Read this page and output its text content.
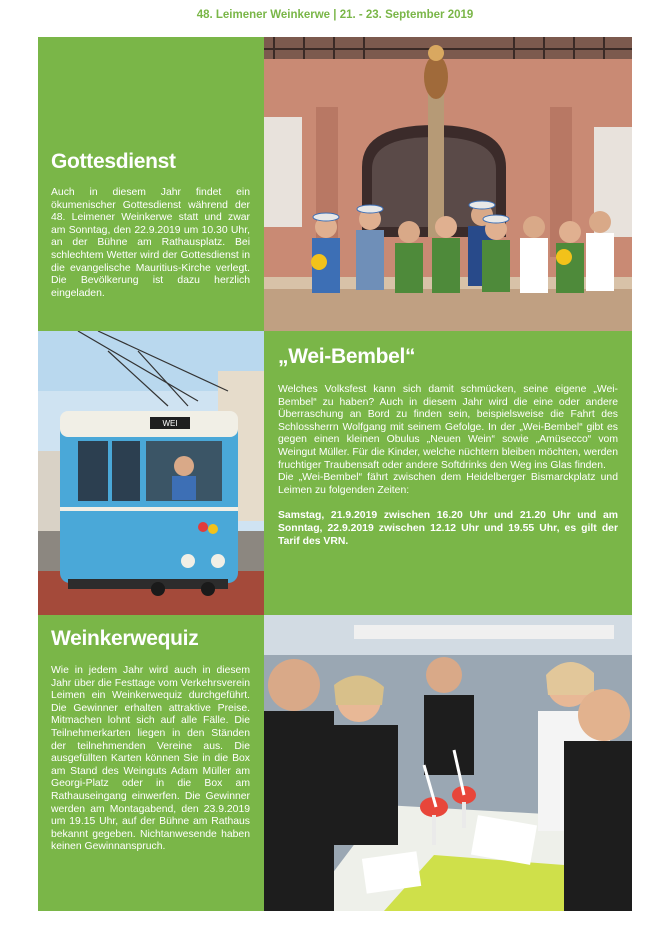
48. Leimener Weinkerwe | 21. - 23. September 2019
Gottesdienst

Auch in diesem Jahr findet ein ökumenischer Gottesdienst während der 48. Leimener Weinkerwe statt und zwar am Sonntag, den 22.9.2019 um 10.30 Uhr, an der Bühne am Rathausplatz. Bei schlechtem Wetter wird der Gottesdienst in die evangelische Mauritius-Kirche verlegt. Die Bevölkerung ist dazu herzlich eingeladen.

WEI
„Wei-Bembel“

Welches Volksfest kann sich damit schmücken, seine eigene „Wei-Bembel“ zu haben? Auch in diesem Jahr wird die eine oder andere Überraschung an Bord zu finden sein, beispielsweise die Fahrt des Schlossherrn Wolfgang mit seinem Gefolge. In der „Wei-Bembel“ gibt es gegen einen kleinen Obulus „Neuen Wein“ sowie „Amüsecco“ vom Weingut Müller. Für die Kinder, welche nüchtern bleiben möchten, werden fruchtiger Traubensaft oder andere Softdrinks den Weg ins Glas finden.

Die „Wei-Bembel“ fährt zwischen dem Heidelberger Bismarckplatz und Leimen zu folgenden Zeiten:

Samstag, 21.9.2019 zwischen 16.20 Uhr und 21.20 Uhr und am Sonntag, 22.9.2019 zwischen 12.12 Uhr und 19.55 Uhr, es gilt der Tarif des VRN.

Weinkerwequiz

Wie in jedem Jahr wird auch in diesem Jahr über die Festtage vom Verkehrsverein Leimen ein Weinkerwequiz durchgeführt. Die Gewinner erhalten attraktive Preise. Mitmachen lohnt sich auf alle Fälle. Die Teilnehmerkarten liegen in den Ständen der teilnehmenden Vereine aus. Die ausgefüllten Karten können Sie in die Box am Stand des Weinguts Adam Müller am Georgi-Platz oder in die Box am Rathauseingang einwerfen. Die Gewinner werden am Montagabend, den 23.9.2019 um 19.15 Uhr, auf der Bühne am Rathaus bekannt gegeben. Nichtanwesende haben keinen Gewinnanspruch.
